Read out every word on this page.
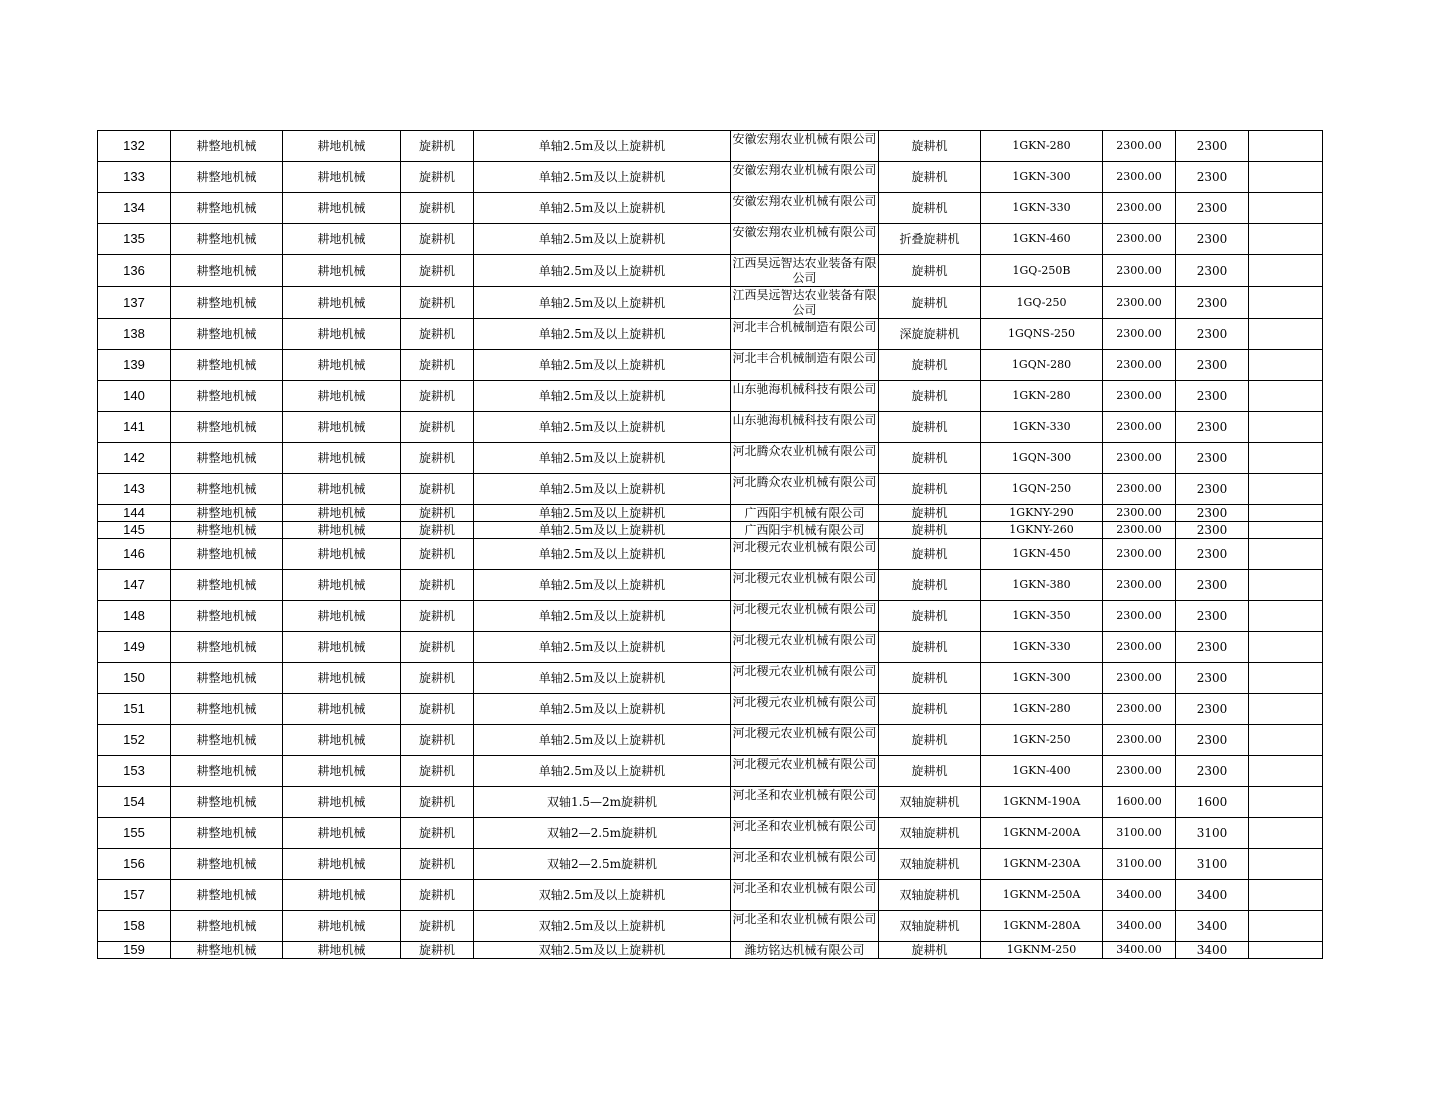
132	耕整地机械	耕地机械	旋耕机	单轴2.5m及以上旋耕机	安徽宏翔农业机械有限公司	旋耕机	1GKN-280	2300.00	2300	
133	耕整地机械	耕地机械	旋耕机	单轴2.5m及以上旋耕机	安徽宏翔农业机械有限公司	旋耕机	1GKN-300	2300.00	2300	
134	耕整地机械	耕地机械	旋耕机	单轴2.5m及以上旋耕机	安徽宏翔农业机械有限公司	旋耕机	1GKN-330	2300.00	2300	
135	耕整地机械	耕地机械	旋耕机	单轴2.5m及以上旋耕机	安徽宏翔农业机械有限公司	折叠旋耕机	1GKN-460	2300.00	2300	
136	耕整地机械	耕地机械	旋耕机	单轴2.5m及以上旋耕机	江西昊远智达农业装备有限公司	旋耕机	1GQ-250B	2300.00	2300	
137	耕整地机械	耕地机械	旋耕机	单轴2.5m及以上旋耕机	江西昊远智达农业装备有限公司	旋耕机	1GQ-250	2300.00	2300	
138	耕整地机械	耕地机械	旋耕机	单轴2.5m及以上旋耕机	河北丰合机械制造有限公司	深旋旋耕机	1GQNS-250	2300.00	2300	
139	耕整地机械	耕地机械	旋耕机	单轴2.5m及以上旋耕机	河北丰合机械制造有限公司	旋耕机	1GQN-280	2300.00	2300	
140	耕整地机械	耕地机械	旋耕机	单轴2.5m及以上旋耕机	山东驰海机械科技有限公司	旋耕机	1GKN-280	2300.00	2300	
141	耕整地机械	耕地机械	旋耕机	单轴2.5m及以上旋耕机	山东驰海机械科技有限公司	旋耕机	1GKN-330	2300.00	2300	
142	耕整地机械	耕地机械	旋耕机	单轴2.5m及以上旋耕机	河北腾众农业机械有限公司	旋耕机	1GQN-300	2300.00	2300	
143	耕整地机械	耕地机械	旋耕机	单轴2.5m及以上旋耕机	河北腾众农业机械有限公司	旋耕机	1GQN-250	2300.00	2300	
144	耕整地机械	耕地机械	旋耕机	单轴2.5m及以上旋耕机	广西阳宇机械有限公司	旋耕机	1GKNY-290	2300.00	2300	
145	耕整地机械	耕地机械	旋耕机	单轴2.5m及以上旋耕机	广西阳宇机械有限公司	旋耕机	1GKNY-260	2300.00	2300	
146	耕整地机械	耕地机械	旋耕机	单轴2.5m及以上旋耕机	河北稷元农业机械有限公司	旋耕机	1GKN-450	2300.00	2300	
147	耕整地机械	耕地机械	旋耕机	单轴2.5m及以上旋耕机	河北稷元农业机械有限公司	旋耕机	1GKN-380	2300.00	2300	
148	耕整地机械	耕地机械	旋耕机	单轴2.5m及以上旋耕机	河北稷元农业机械有限公司	旋耕机	1GKN-350	2300.00	2300	
149	耕整地机械	耕地机械	旋耕机	单轴2.5m及以上旋耕机	河北稷元农业机械有限公司	旋耕机	1GKN-330	2300.00	2300	
150	耕整地机械	耕地机械	旋耕机	单轴2.5m及以上旋耕机	河北稷元农业机械有限公司	旋耕机	1GKN-300	2300.00	2300	
151	耕整地机械	耕地机械	旋耕机	单轴2.5m及以上旋耕机	河北稷元农业机械有限公司	旋耕机	1GKN-280	2300.00	2300	
152	耕整地机械	耕地机械	旋耕机	单轴2.5m及以上旋耕机	河北稷元农业机械有限公司	旋耕机	1GKN-250	2300.00	2300	
153	耕整地机械	耕地机械	旋耕机	单轴2.5m及以上旋耕机	河北稷元农业机械有限公司	旋耕机	1GKN-400	2300.00	2300	
154	耕整地机械	耕地机械	旋耕机	双轴1.5—2m旋耕机	河北圣和农业机械有限公司	双轴旋耕机	1GKNM-190A	1600.00	1600	
155	耕整地机械	耕地机械	旋耕机	双轴2—2.5m旋耕机	河北圣和农业机械有限公司	双轴旋耕机	1GKNM-200A	3100.00	3100	
156	耕整地机械	耕地机械	旋耕机	双轴2—2.5m旋耕机	河北圣和农业机械有限公司	双轴旋耕机	1GKNM-230A	3100.00	3100	
157	耕整地机械	耕地机械	旋耕机	双轴2.5m及以上旋耕机	河北圣和农业机械有限公司	双轴旋耕机	1GKNM-250A	3400.00	3400	
158	耕整地机械	耕地机械	旋耕机	双轴2.5m及以上旋耕机	河北圣和农业机械有限公司	双轴旋耕机	1GKNM-280A	3400.00	3400	
159	耕整地机械	耕地机械	旋耕机	双轴2.5m及以上旋耕机	潍坊铭达机械有限公司	旋耕机	1GKNM-250	3400.00	3400	
